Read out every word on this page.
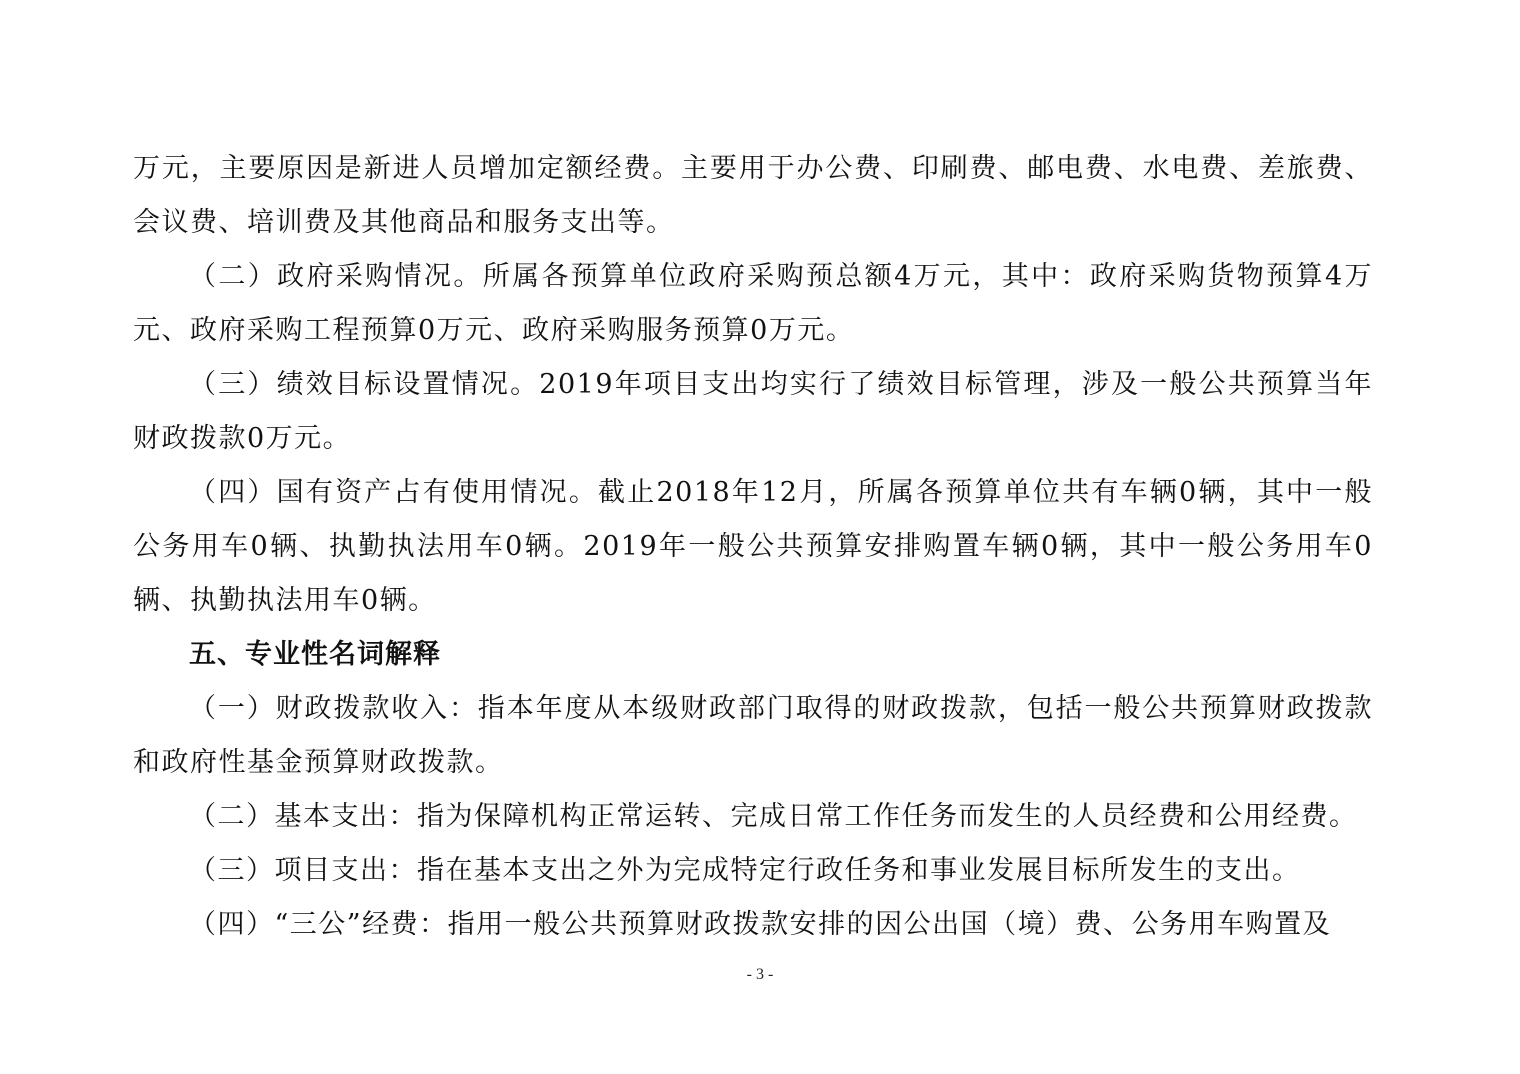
万元，主要原因是新进人员增加定额经费。主要用于办公费、印刷费、邮电费、水电费、差旅费、会议费、培训费及其他商品和服务支出等。

（二）政府采购情况。所属各预算单位政府采购预总额4万元，其中：政府采购货物预算4万元、政府采购工程预算0万元、政府采购服务预算0万元。

（三）绩效目标设置情况。2019年项目支出均实行了绩效目标管理，涉及一般公共预算当年财政拨款0万元。

（四）国有资产占有使用情况。截止2018年12月，所属各预算单位共有车辆0辆，其中一般公务用车0辆、执勤执法用车0辆。2019年一般公共预算安排购置车辆0辆，其中一般公务用车0辆、执勤执法用车0辆。

五、专业性名词解释

（一）财政拨款收入：指本年度从本级财政部门取得的财政拨款，包括一般公共预算财政拨款和政府性基金预算财政拨款。

（二）基本支出：指为保障机构正常运转、完成日常工作任务而发生的人员经费和公用经费。

（三）项目支出：指在基本支出之外为完成特定行政任务和事业发展目标所发生的支出。

（四）“三公”经费：指用一般公共预算财政拨款安排的因公出国（境）费、公务用车购置及

- 3 -
